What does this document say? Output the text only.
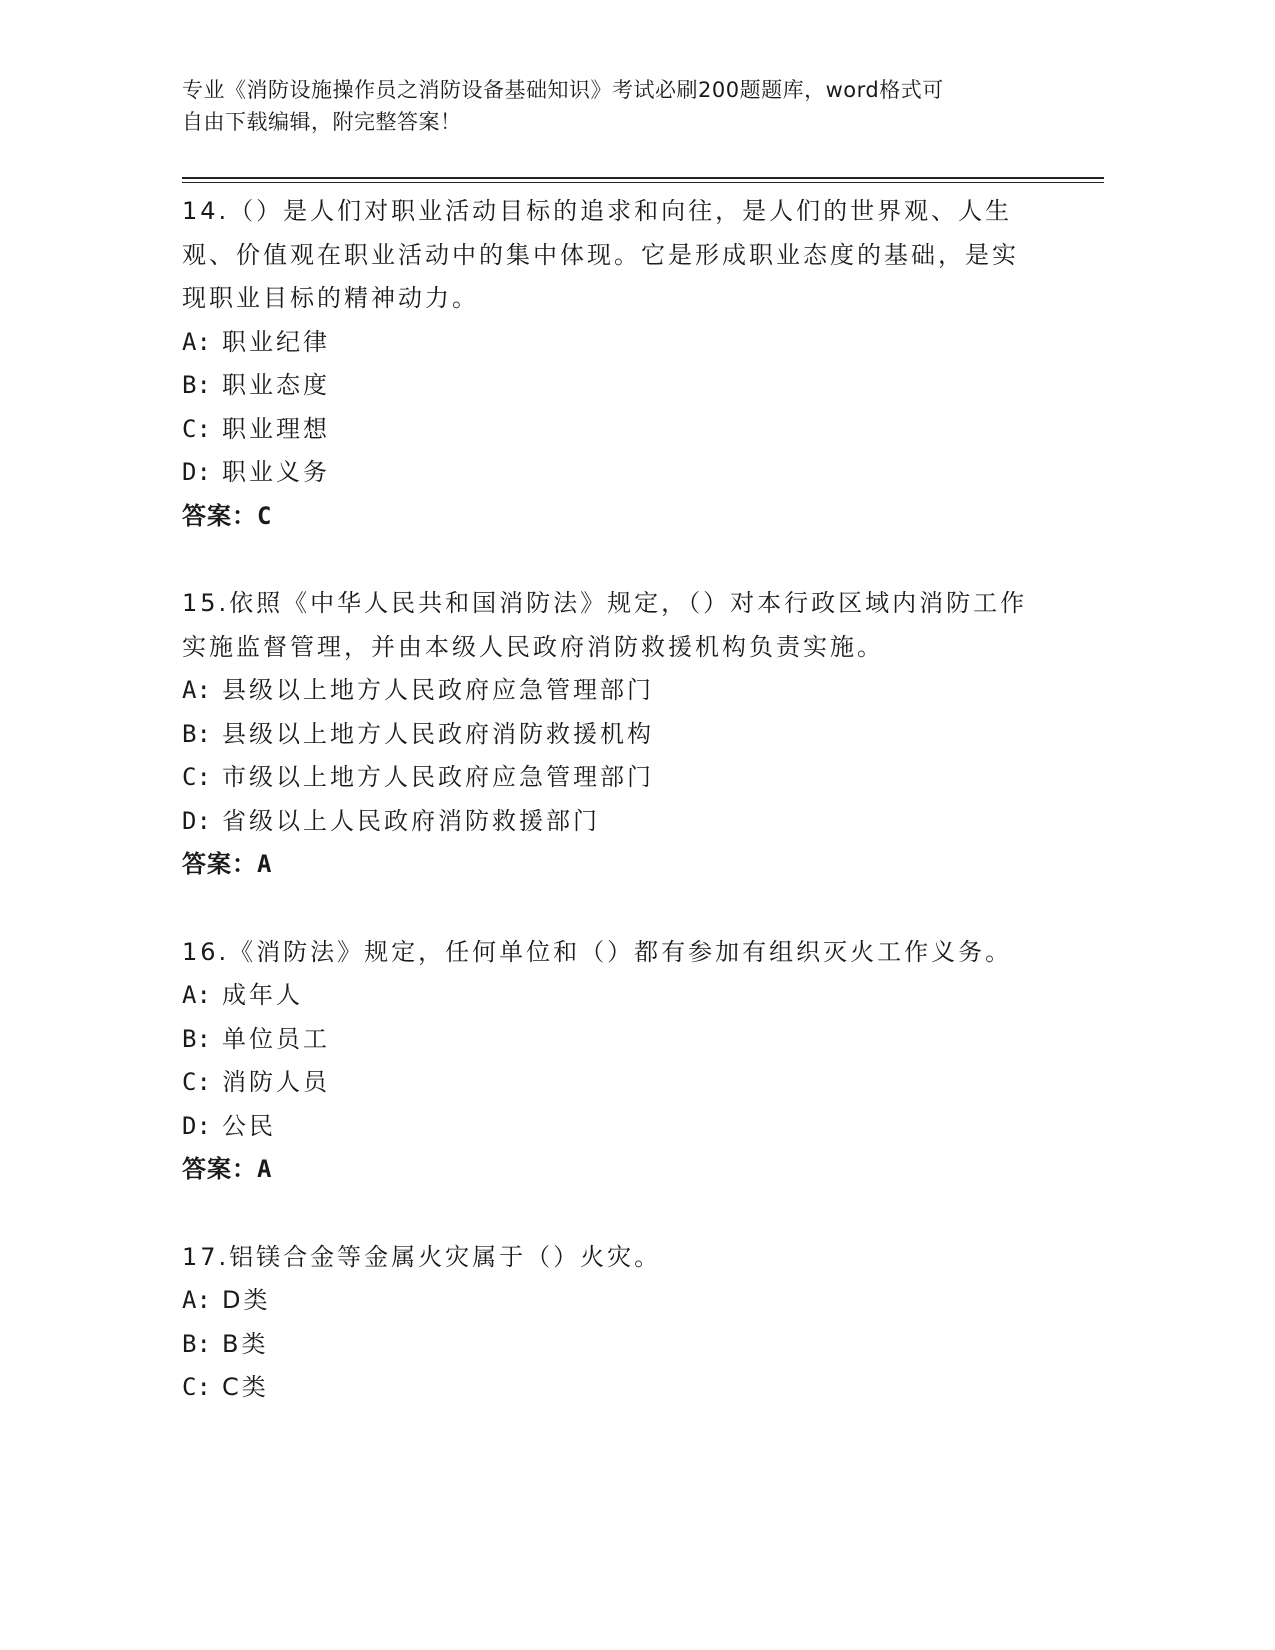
专业《消防设施操作员之消防设备基础知识》考试必刷200题题库，word格式可
自由下载编辑，附完整答案！
14.（）是人们对职业活动目标的追求和向往，是人们的世界观、人生观、价值观在职业活动中的集中体现。它是形成职业态度的基础，是实现职业目标的精神动力。
A: 职业纪律
B: 职业态度
C: 职业理想
D: 职业义务
答案：C
15.依照《中华人民共和国消防法》规定，（）对本行政区域内消防工作实施监督管理，并由本级人民政府消防救援机构负责实施。
A: 县级以上地方人民政府应急管理部门
B: 县级以上地方人民政府消防救援机构
C: 市级以上地方人民政府应急管理部门
D: 省级以上人民政府消防救援部门
答案：A
16.《消防法》规定，任何单位和（）都有参加有组织灭火工作义务。
A: 成年人
B: 单位员工
C: 消防人员
D: 公民
答案：A
17.铝镁合金等金属火灾属于（）火灾。
A: D类
B: B类
C: C类
